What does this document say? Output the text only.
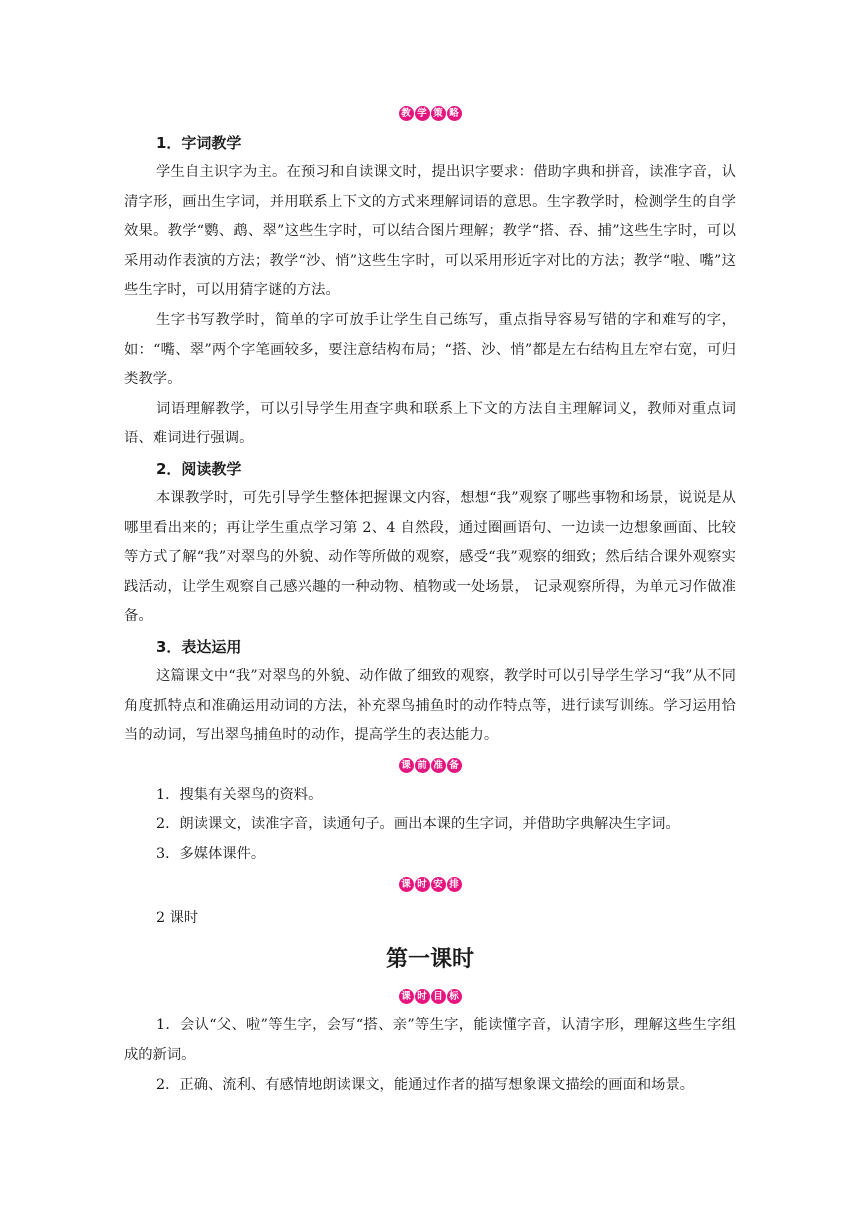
教 学 策 略
1．字词教学

学生自主识字为主。在预习和自读课文时，提出识字要求：借助字典和拼音，读准字音，认清字形，画出生字词，并用联系上下文的方式来理解词语的意思。生字教学时，检测学生的自学效果。教学“鹦、鹉、翠”这些生字时，可以结合图片理解；教学“搭、吞、捕”这些生字时，可以采用动作表演的方法；教学“沙、悄”这些生字时，可以采用形近字对比的方法；教学“啦、嘴”这些生字时，可以用猜字谜的方法。

生字书写教学时，简单的字可放手让学生自己练写，重点指导容易写错的字和难写的字，如：“嘴、翠”两个字笔画较多，要注意结构布局；“搭、沙、悄”都是左右结构且左窄右宽，可归类教学。

词语理解教学，可以引导学生用查字典和联系上下文的方法自主理解词义，教师对重点词语、难词进行强调。

2．阅读教学

本课教学时，可先引导学生整体把握课文内容，想想“我”观察了哪些事物和场景，说说是从哪里看出来的；再让学生重点学习第 2、4 自然段，通过圈画语句、一边读一边想象画面、比较等方式了解“我”对翠鸟的外貌、动作等所做的观察，感受“我”观察的细致；然后结合课外观察实践活动，让学生观察自己感兴趣的一种动物、植物或一处场景， 记录观察所得，为单元习作做准备。

3．表达运用

这篇课文中“我”对翠鸟的外貌、动作做了细致的观察，教学时可以引导学生学习“我”从不同角度抓特点和准确运用动词的方法，补充翠鸟捕鱼时的动作特点等，进行读写训练。学习运用恰当的动词，写出翠鸟捕鱼时的动作，提高学生的表达能力。

课 前 准 备

1．搜集有关翠鸟的资料。

2．朗读课文，读准字音，读通句子。画出本课的生字词，并借助字典解决生字词。

3．多媒体课件。

课 时 安 排

2 课时

第一课时
课 时 目 标

1．会认“父、啦”等生字，会写“搭、亲”等生字，能读懂字音，认清字形，理解这些生字组成的新词。

2．正确、流利、有感情地朗读课文，能通过作者的描写想象课文描绘的画面和场景。
